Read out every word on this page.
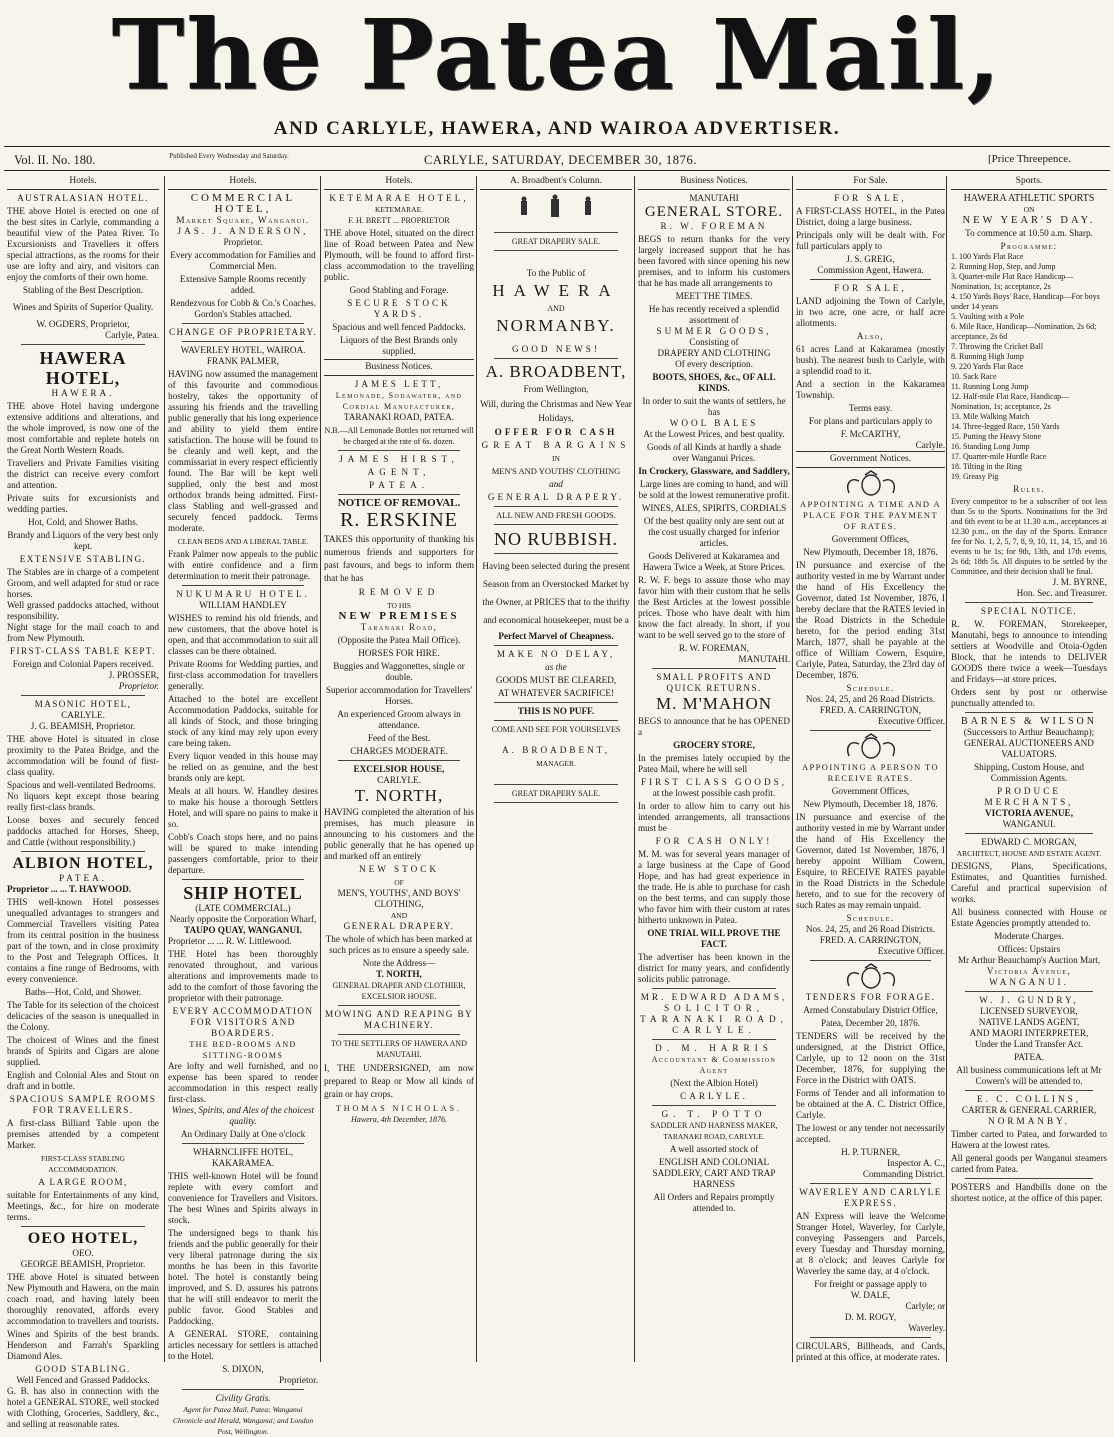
The Patea Mail,
AND CARLYLE, HAWERA, AND WAIROA ADVERTISER.
Vol. II. No. 180.	Published Every Wednesday and Saturday.	CARLYLE, SATURDAY, DECEMBER 30, 1876.	[Price Threepence.
Hotels.
AUSTRALASIAN HOTEL.
THE above Hotel is erected on one of the best sites in Carlyle, commanding a beautiful view of the Patea River. To Excursionists and Travellers it offers special attractions, as the rooms for their use are lofty and airy, and visitors can enjoy the comforts of their own home.
Stabling of the Best Description.
Wines and Spirits of Superior Quality.
W. OGDERS, Proprietor,
Carlyle, Patea.
HAWERA HOTEL,
HAWERA.
THE above Hotel having undergone extensive additions and alterations, and the whole improved, is now one of the most comfortable and replete hotels on the Great North Western Roads.
Travellers and Private Families visiting the district can receive every comfort and attention.
Private suits for excursionists and wedding parties.
Hot, Cold, and Shower Baths.
Brandy and Liquors of the very best only kept.
EXTENSIVE STABLING.
The Stables are in charge of a competent Groom, and well adapted for stud or race horses.
Well grassed paddocks attached, without responsibility.
Night stage for the mail coach to and from New Plymouth.
FIRST-CLASS TABLE KEPT.
Foreign and Colonial Papers received.
J. PROSSER,
Proprietor.
MASONIC HOTEL,
CARLYLE.
J. G. BEAMISH, Proprietor.
THE above Hotel is situated in close proximity to the Patea Bridge, and the accommodation will be found of first-class quality.
Spacious and well-ventilated Bedrooms.
No liquors kept except those bearing really first-class brands.
Loose boxes and securely fenced paddocks attached for Horses, Sheep, and Cattle (without responsibility.)
ALBION HOTEL,
PATEA.
Proprietor ... ... T. HAYWOOD.
THIS well-known Hotel possesses unequalled advantages to strangers and Commercial Travellers visiting Patea from its central position in the business part of the town, and in close proximity to the Post and Telegraph Offices. It contains a fine range of Bedrooms, with every convenience.
Baths—Hot, Cold, and Shower.
The Table for its selection of the choicest delicacies of the season is unequalled in the Colony.
The choicest of Wines and the finest brands of Spirits and Cigars are alone supplied.
English and Colonial Ales and Stout on draft and in bottle.
SPACIOUS SAMPLE ROOMS FOR TRAVELLERS.
A first-class Billiard Table upon the premises attended by a competent Marker.
FIRST-CLASS STABLING ACCOMMODATION.
A LARGE ROOM,
suitable for Entertainments of any kind, Meetings, &c., for hire on moderate terms.
OEO HOTEL,
OEO.
GEORGE BEAMISH, Proprietor.
THE above Hotel is situated between New Plymouth and Hawera, on the main coach road, and having lately been thoroughly renovated, affords every accommodation to travellers and tourists.
Wines and Spirits of the best brands. Henderson and Farrah's Sparkling Diamond Ales.
GOOD STABLING.
Well Fenced and Grassed Paddocks.
G. B. has also in connection with the hotel a GENERAL STORE, well stocked with Clothing, Groceries, Saddlery, &c., and selling at reasonable rates.
Hotels.
COMMERCIAL HOTEL,
Market Square, Wanganui.
JAS. J. ANDERSON,
Proprietor.
Every accommodation for Families and Commercial Men.
Extensive Sample Rooms recently added.
Rendezvous for Cobb & Co.'s Coaches. Gordon's Stables attached.
CHANGE OF PROPRIETARY.
WAVERLEY HOTEL, WAIROA.
FRANK PALMER,
HAVING now assumed the management of this favourite and commodious hostelry, takes the opportunity of assuring his friends and the travelling public generally that his long experience and ability to yield them entire satisfaction. The house will be found to be cleanly and well kept, and the commissariat in every respect efficiently found. The Bar will be kept well supplied, only the best and most orthodox brands being admitted. First-class Stabling and well-grassed and securely fenced paddock. Terms moderate.
CLEAN BEDS AND A LIBERAL TABLE.
Frank Palmer now appeals to the public with entire confidence and a firm determination to merit their patronage.
NUKUMARU HOTEL.
WILLIAM HANDLEY
WISHES to remind his old friends, and new customers, that the above hotel is open, and that accommodation to suit all classes can be there obtained.
Private Rooms for Wedding parties, and first-class accommodation for travellers generally.
Attached to the hotel are excellent Accommodation Paddocks, suitable for all kinds of Stock, and those bringing stock of any kind may rely upon every care being taken.
Every liquor vended in this house may be relied on as genuine, and the best brands only are kept.
Meals at all hours. W. Handley desires to make his house a thorough Settlers Hotel, and will spare no pains to make it so.
Cobb's Coach stops here, and no pains will be spared to make intending passengers comfortable, prior to their departure.
SHIP HOTEL
(LATE COMMERCIAL.)
Nearly opposite the Corporation Wharf,
TAUPO QUAY, WANGANUI.
Proprietor ... ... R. W. Littlewood.
THE Hotel has been thoroughly renovated throughout, and various alterations and improvements made to add to the comfort of those favoring the proprietor with their patronage.
EVERY ACCOMMODATION FOR VISITORS AND BOARDERS.
THE BED-ROOMS AND SITTING-ROOMS
Are lofty and well furnished, and no expense has been spared to render accommodation in this respect really first-class.
Wines, Spirits, and Ales of the choicest quality.
An Ordinary Daily at One o'clock
WHARNCLIFFE HOTEL,
KAKARAMEA.
THIS well-known Hotel will be found replete with every comfort and convenience for Travellers and Visitors. The best Wines and Spirits always in stock.
The undersigned begs to thank his friends and the public generally for their very liberal patronage during the six months he has been in this favorite hotel. The hotel is constantly being improved, and S. D. assures his patrons that he will still endeavor to merit the public favor. Good Stables and Paddocking.
A GENERAL STORE, containing articles necessary for settlers is attached to the Hotel.
S. DIXON,
Proprietor.
Civility Gratis.
Agent for Patea Mail, Patea; Wanganui Chronicle and Herald, Wanganui; and London Post, Wellington.
Hotels.
KETEMARAE HOTEL,
KETEMARAE.
F. H. BRETT ... PROPRIETOR
THE above Hotel, situated on the direct line of Road between Patea and New Plymouth, will be found to afford first-class accommodation to the travelling public.
Good Stabling and Forage.
SECURE STOCK YARDS.
Spacious and well fenced Paddocks.
Liquors of the Best Brands only supplied.
Business Notices.
JAMES LETT,
Lemonade, Sodawater, and Cordial Manufacturer,
TARANAKI ROAD, PATEA.
N.B.—All Lemonade Bottles not returned will be charged at the rate of 6s. dozen.
JAMES HIRST,
AGENT,
PATEA.
NOTICE OF REMOVAL.
R. ERSKINE
TAKES this opportunity of thanking his numerous friends and supporters for past favours, and begs to inform them that he has
REMOVED
TO HIS
NEW PREMISES
Taranaki Road,
(Opposite the Patea Mail Office).
HORSES FOR HIRE.
Buggies and Waggonettes, single or double.
Superior accommodation for Travellers' Horses.
An experienced Groom always in attendance.
Feed of the Best.
CHARGES MODERATE.
EXCELSIOR HOUSE,
CARLYLE.
T. NORTH,
HAVING completed the alteration of his premises, has much pleasure in announcing to his customers and the public generally that he has opened up and marked off an entirely
NEW STOCK
OF
MEN'S, YOUTHS', AND BOYS' CLOTHING,
AND
GENERAL DRAPERY.
The whole of which has been marked at such prices as to ensure a speedy sale.
Note the Address—
T. NORTH,
GENERAL DRAPER AND CLOTHIER, EXCELSIOR HOUSE.
MOWING AND REAPING BY MACHINERY.
TO THE SETTLERS OF HAWERA AND MANUTAHI.
I, THE UNDERSIGNED, am now prepared to Reap or Mow all kinds of grain or hay crops.
THOMAS NICHOLAS.
Hawera, 4th December, 1876.
A. Broadbent's Column.
GREAT DRAPERY SALE.
To the Public of
HAWERA
AND
NORMANBY.
GOOD NEWS!
A. BROADBENT,
From Wellington,
Will, during the Christmas and New Year Holidays,
OFFER FOR CASH
GREAT BARGAINS
IN
MEN'S AND YOUTHS' CLOTHING
and
GENERAL DRAPERY.
ALL NEW AND FRESH GOODS.
NO RUBBISH.
Having been selected during the present Season from an Overstocked Market by the Owner, at PRICES that to the thrifty and economical housekeeper, must be a
Perfect Marvel of Cheapness.
MAKE NO DELAY,
as the
GOODS MUST BE CLEARED,
AT WHATEVER SACRIFICE!
THIS IS NO PUFF.
COME AND SEE FOR YOURSELVES
A. BROADBENT,
MANAGER.
GREAT DRAPERY SALE.
Business Notices.
MANUTAHI
GENERAL STORE.
R. W. FOREMAN
BEGS to return thanks for the very largely increased support that he has been favored with since opening his new premises, and to inform his customers that he has made all arrangements to
MEET THE TIMES.
He has recently received a splendid assortment of
SUMMER GOODS,
Consisting of
DRAPERY AND CLOTHING
Of every description.
BOOTS, SHOES, &c., OF ALL KINDS.
In order to suit the wants of settlers, he has
WOOL BALES
At the Lowest Prices, and best quality.
Goods of all Kinds at hardly a shade over Wanganui Prices.
In Crockery, Glassware, and Saddlery,
Large lines are coming to hand, and will be sold at the lowest remunerative profit.
WINES, ALES, SPIRITS, CORDIALS
Of the best quality only are sent out at the cost usually charged for inferior articles.
Goods Delivered at Kakaramea and Hawera Twice a Week, at Store Prices.
R. W. F. begs to assure those who may favor him with their custom that he sells the Best Articles at the lowest possible prices. Those who have dealt with him know the fact already. In short, if you want to be well served go to the store of
R. W. FOREMAN,
MANUTAHI.
SMALL PROFITS AND QUICK RETURNS.
M. M'MAHON
BEGS to announce that he has OPENED a
GROCERY STORE,
In the premises lately occupied by the Patea Mail, where he will sell
FIRST CLASS GOODS,
at the lowest possible cash profit.
In order to allow him to carry out his intended arrangements, all transactions must be
FOR CASH ONLY!
M. M. was for several years manager of a large business at the Cape of Good Hope, and has had great experience in the trade. He is able to purchase for cash on the best terms, and can supply those who favor him with their custom at rates hitherto unknown in Patea.
ONE TRIAL WILL PROVE THE FACT.
The advertiser has been known in the district for many years, and confidently solicits public patronage.
MR. EDWARD ADAMS,
SOLICITOR,
TARANAKI ROAD,
CARLYLE.
D. M. HARRIS
Accountant & Commission Agent
(Next the Albion Hotel)
CARLYLE.
G. T. POTTO
SADDLER AND HARNESS MAKER,
TARANAKI ROAD, CARLYLE.
A well assorted stock of
ENGLISH AND COLONIAL SADDLERY, CART AND TRAP HARNESS
All Orders and Repairs promptly attended to.
For Sale.
FOR SALE,
A FIRST-CLASS HOTEL, in the Patea District, doing a large business.
Principals only will be dealt with. For full particulars apply to
J. S. GREIG,
Commission Agent, Hawera.
FOR SALE,
LAND adjoining the Town of Carlyle, in two acre, one acre, or half acre allotments.
Also,
61 acres Land at Kakaramea (mostly bush). The nearest bush to Carlyle, with a splendid road to it.
And a section in the Kakaramea Township.
Terms easy.
For plans and particulars apply to
F. McCARTHY,
Carlyle.
Government Notices.
APPOINTING A TIME AND A PLACE FOR THE PAYMENT OF RATES.
Government Offices,
New Plymouth, December 18, 1876.
IN pursuance and exercise of the authority vested in me by Warrant under the hand of His Excellency the Governor, dated 1st November, 1876, I hereby declare that the RATES levied in the Road Districts in the Schedule hereto, for the period ending 31st March, 1877, shall be payable at the office of William Cowern, Esquire, Carlyle, Patea, Saturday, the 23rd day of December, 1876.
Schedule.
Nos. 24, 25, and 26 Road Districts.
FRED. A. CARRINGTON,
Executive Officer.
APPOINTING A PERSON TO RECEIVE RATES.
Government Offices,
New Plymouth, December 18, 1876.
IN pursuance and exercise of the authority vested in me by Warrant under the hand of His Excellency the Governor, dated 1st November, 1876, I hereby appoint William Cowern, Esquire, to RECEIVE RATES payable in the Road Districts in the Schedule hereto, and to sue for the recovery of such Rates as may remain unpaid.
Schedule.
Nos. 24, 25, and 26 Road Districts.
FRED. A. CARRINGTON,
Executive Officer.
TENDERS FOR FORAGE.
Armed Constabulary District Office,
Patea, December 20, 1876.
TENDERS will be received by the undersigned, at the District Office, Carlyle, up to 12 noon on the 31st December, 1876, for supplying the Force in the District with OATS.
Forms of Tender and all information to be obtained at the A. C. District Office, Carlyle.
The lowest or any tender not necessarily accepted.
H. P. TURNER,
Inspector A. C.,
Commanding District.
WAVERLEY AND CARLYLE EXPRESS.
AN Express will leave the Welcome Stranger Hotel, Waverley, for Carlyle, conveying Passengers and Parcels, every Tuesday and Thursday morning, at 8 o'clock; and leaves Carlyle for Waverley the same day, at 4 o'clock.
For freight or passage apply to
W. DALE,
Carlyle; or
D. M. ROGY,
Waverley.
CIRCULARS, Billheads, and Cards, printed at this office, at moderate rates.
Sports.
HAWERA ATHLETIC SPORTS
ON
NEW YEAR'S DAY.
To commence at 10.50 a.m. Sharp.
Programme:
1. 100 Yards Flat Race
2. Running Hop, Step, and Jump
3. Quarter-mile Flat Race Handicap—Nomination, 1s; acceptance, 2s
4. 150 Yards Boys' Race, Handicap—For boys under 14 years
5. Vaulting with a Pole
6. Mile Race, Handicap—Nomination, 2s 6d; acceptance, 2s 6d
7. Throwing the Cricket Ball
8. Running High Jump
9. 220 Yards Flat Race
10. Sack Race
11. Running Long Jump
12. Half-mile Flat Race, Handicap—Nomination, 1s; acceptance, 2s
13. Mile Walking Match
14. Three-legged Race, 150 Yards
15. Putting the Heavy Stone
16. Standing Long Jump
17. Quarter-mile Hurdle Race
18. Tilting in the Ring
19. Greasy Pig
Rules.
Every competitor to be a subscriber of not less than 5s to the Sports. Nominations for the 3rd and 6th event to be at 11.30 a.m., acceptances at 12.30 p.m., on the day of the Sports. Entrance fee for No. 1, 2, 5, 7, 8, 9, 10, 11, 14, 15, and 16 events to be 1s; for 9th, 13th, and 17th events, 2s 6d; 18th 5s. All disputes to be settled by the Committee, and their decision shall be final.
J. M. BYRNE,
Hon. Sec. and Treasurer.
SPECIAL NOTICE.
R. W. FOREMAN, Storekeeper, Manutahi, begs to announce to intending settlers at Woodville and Otoia-Ogden Block, that he intends to DELIVER GOODS there twice a week—Tuesdays and Fridays—at store prices.
Orders sent by post or otherwise punctually attended to.
BARNES & WILSON
(Successors to Arthur Beauchamp);
GENERAL AUCTIONEERS AND VALUATORS.
Shipping, Custom House, and Commission Agents.
PRODUCE MERCHANTS,
VICTORIA AVENUE,
WANGANUI.
EDWARD C. MORGAN,
ARCHITECT, HOUSE AND ESTATE AGENT.
DESIGNS, Plans, Specifications, Estimates, and Quantities furnished. Careful and practical supervision of works.
All business connected with House or Estate Agencies promptly attended to.
Moderate Charges.
Offices: Upstairs
Mr Arthur Beauchamp's Auction Mart,
Victoria Avenue,
WANGANUI.
W. J. GUNDRY,
LICENSED SURVEYOR,
NATIVE LANDS AGENT,
AND MAORI INTERPRETER,
Under the Land Transfer Act.
PATEA.
All business communications left at Mr Cowern's will be attended to.
E. C. COLLINS,
CARTER & GENERAL CARRIER,
NORMANBY.
Timber carted to Patea, and forwarded to Hawera at the lowest rates.
All general goods per Wanganui steamers carted from Patea.
POSTERS and Handbills done on the shortest notice, at the office of this paper.
